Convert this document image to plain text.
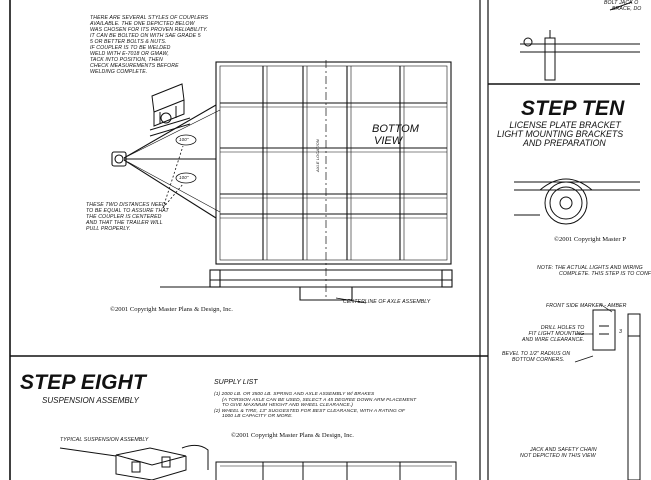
THERE ARE SEVERAL STYLES OF COUPLERS
AVAILABLE. THE ONE DEPICTED BELOW
WAS CHOSEN FOR ITS PROVEN RELIABILITY.
IT CAN BE BOLTED ON WITH SAE GRADE 5
5 OR BETTER BOLTS & NUTS.
IF COUPLER IS TO BE WELDED
WELD WITH E-7018 OR GMAW,
TACK INTO POSITION, THEN
CHECK MEASUREMENTS BEFORE
WELDING COMPLETE.
100"
100"
THESE TWO DISTANCES NEED
TO BE EQUAL TO ASSURE THAT
THE COUPLER IS CENTERED
AND THAT THE TRAILER WILL
PULL PROPERLY.
BOTTOM
VIEW
AXLE LOCATION
CENTERLINE OF AXLE ASSEMBLY
©2001 Copyright Master Plans & Design, Inc.
STEP EIGHT
SUSPENSION ASSEMBLY
TYPICAL SUSPENSION ASSEMBLY
SUPPLY LIST
(1) 2000 LB. OR 3500 LB. SPRING AND AXLE ASSEMBLY W/ BRAKES
(A TORSION AXLE CAN BE USED, SELECT A 45 DEGREE DOWN ARM PLACEMENT
TO GIVE MAXIMUM HEIGHT AND WHEEL CLEARANCE.)
(2) WHEEL & TIRE, 13" SUGGESTED FOR BEST CLEARANCE, WITH A RATING OF
1000 LB CAPACITY OR MORE.
©2001 Copyright Master Plans & Design, Inc.
BOLT JACK O
BRACE, DO
STEP TEN
LICENSE PLATE BRACKET
LIGHT MOUNTING BRACKETS
AND PREPARATION
©2001 Copyright Master P
NOTE: THE ACTUAL LIGHTS AND WIRING
COMPLETE. THIS STEP IS TO CONF
FRONT SIDE MARKER - AMBER
DRILL HOLES TO
FIT LIGHT MOUNTING
AND WIRE CLEARANCE.
BEVEL TO 1/2" RADIUS ON
BOTTOM CORNERS.
3
JACK AND SAFETY CHAIN
NOT DEPICTED IN THIS VIEW
